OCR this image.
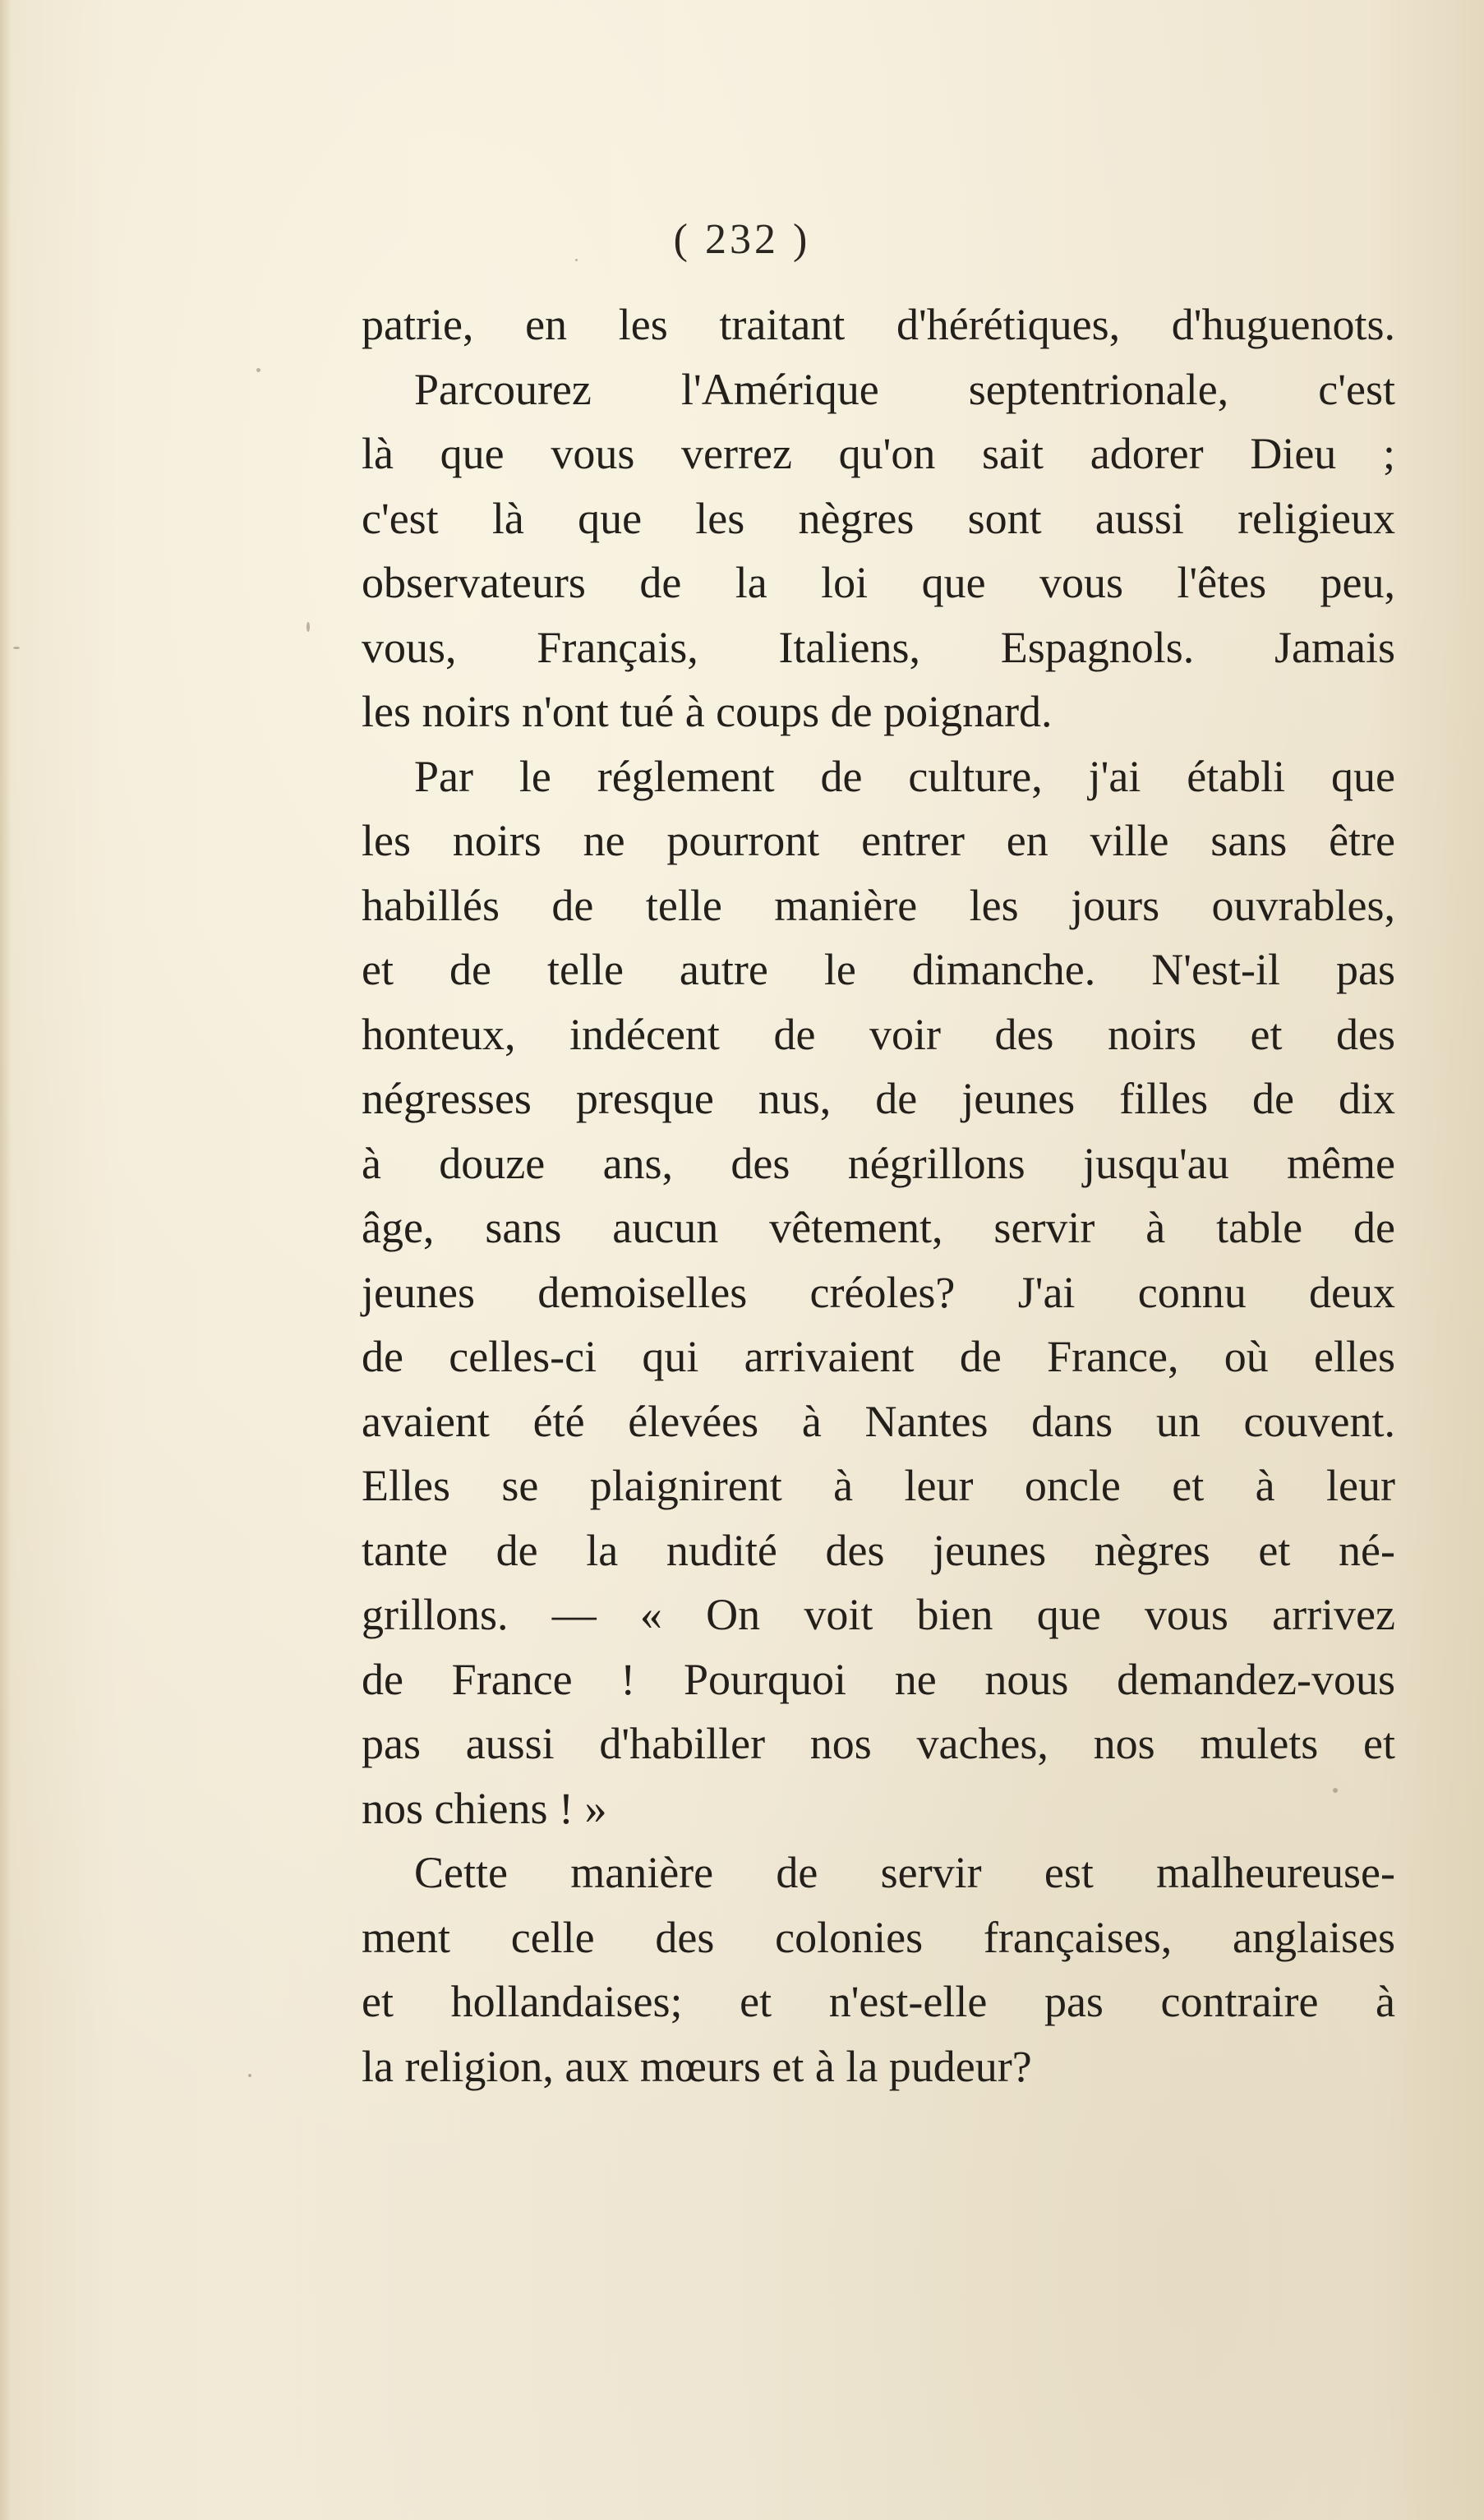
( 232 )
patrie, en les traitant d'hérétiques, d'huguenots.
Parcourez l'Amérique septentrionale, c'est
là que vous verrez qu'on sait adorer Dieu ;
c'est là que les nègres sont aussi religieux
observateurs de la loi que vous l'êtes peu,
vous, Français, Italiens, Espagnols. Jamais
les noirs n'ont tué à coups de poignard.
Par le réglement de culture, j'ai établi que
les noirs ne pourront entrer en ville sans être
habillés de telle manière les jours ouvrables,
et de telle autre le dimanche. N'est-il pas
honteux, indécent de voir des noirs et des
négresses presque nus, de jeunes filles de dix
à douze ans, des négrillons jusqu'au même
âge, sans aucun vêtement, servir à table de
jeunes demoiselles créoles? J'ai connu deux
de celles-ci qui arrivaient de France, où elles
avaient été élevées à Nantes dans un couvent.
Elles se plaignirent à leur oncle et à leur
tante de la nudité des jeunes nègres et né-
grillons. — « On voit bien que vous arrivez
de France ! Pourquoi ne nous demandez-vous
pas aussi d'habiller nos vaches, nos mulets et
nos chiens ! »
Cette manière de servir est malheureuse-
ment celle des colonies françaises, anglaises
et hollandaises; et n'est-elle pas contraire à
la religion, aux mœurs et à la pudeur?
